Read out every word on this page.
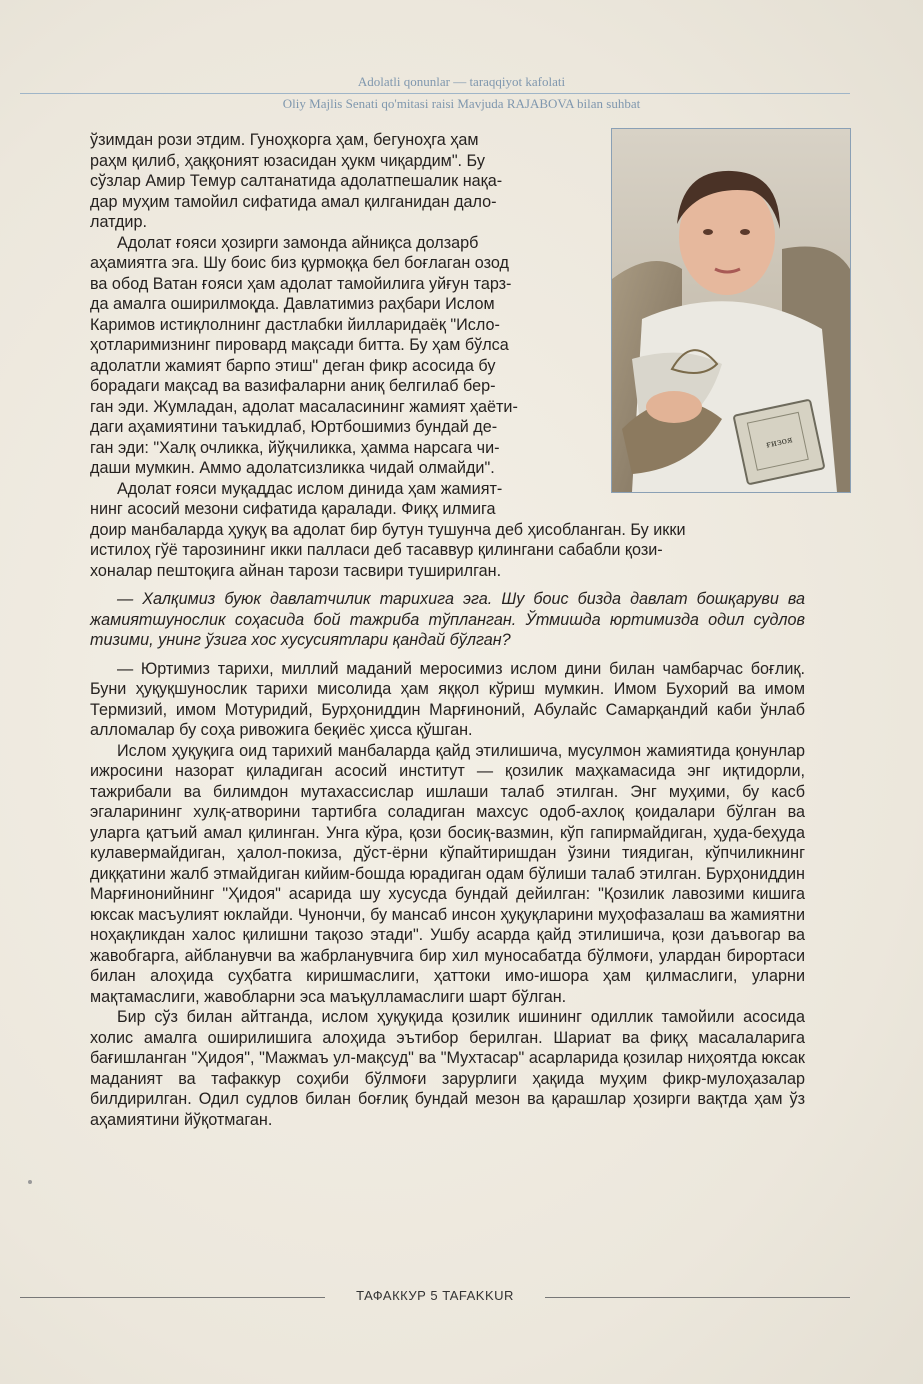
Adolatli qonunlar — taraqqiyot kafolati
Oliy Majlis Senati qo'mitasi raisi Mavjuda RAJABOVA bilan suhbat
ғизоя

ўзимдан рози этдим. Гуноҳкорга ҳам, бегуноҳга ҳам
раҳм қилиб, ҳаққоният юзасидан ҳукм чиқардим". Бу
сўзлар Амир Темур салтанатида адолатпешалик нақа-
дар муҳим тамойил сифатида амал қилганидан дало-
латдир.

Адолат ғояси ҳозирги замонда айниқса долзарб
аҳамиятга эга. Шу боис биз қурмоққа бел боғлаган озод
ва обод Ватан ғояси ҳам адолат тамойилига уйғун тарз-
да амалга оширилмоқда. Давлатимиз раҳбари Ислом
Каримов истиқлолнинг дастлабки йилларидаёқ "Исло-
ҳотларимизнинг пировард мақсади битта. Бу ҳам бўлса
адолатли жамият барпо этиш" деган фикр асосида бу
борадаги мақсад ва вазифаларни аниқ белгилаб бер-
ган эди. Жумладан, адолат масаласининг жамият ҳаёти-
даги аҳамиятини таъкидлаб, Юртбошимиз бундай де-
ган эди: "Халқ очликка, йўқчиликка, ҳамма нарсага чи-
даши мумкин. Аммо адолатсизликка чидай олмайди".

Адолат ғояси муқаддас ислом динида ҳам жамият-
нинг асосий мезони сифатида қаралади. Фиқҳ илмига

доир манбаларда ҳуқуқ ва адолат бир бутун тушунча деб ҳисобланган. Бу икки
истилоҳ гўё тарозининг икки палласи деб тасаввур қилингани сабабли қози-
хоналар пештоқига айнан тарози тасвири туширилган.

— Халқимиз буюк давлатчилик тарихига эга. Шу боис бизда давлат бошқаруви ва жамиятшунослик соҳасида бой тажриба тўпланган. Ўтмишда юртимизда одил судлов тизими, унинг ўзига хос хусусиятлари қандай бўлган?

— Юртимиз тарихи, миллий маданий меросимиз ислом дини билан чамбарчас боғлиқ. Буни ҳуқуқшунослик тарихи мисолида ҳам яққол кўриш мумкин. Имом Бухорий ва имом Термизий, имом Мотуридий, Бурҳониддин Марғиноний, Абулайс Самарқандий каби ўнлаб алломалар бу соҳа ривожига беқиёс ҳисса қўшган.

Ислом ҳуқуқига оид тарихий манбаларда қайд этилишича, мусулмон жамиятида қонунлар ижросини назорат қиладиган асосий институт — қозилик маҳкамасида энг иқтидорли, тажрибали ва билимдон мутахассислар ишлаши талаб этилган. Энг муҳими, бу касб эгаларининг хулқ-атворини тартибга соладиган махсус одоб-ахлоқ қоидалари бўлган ва уларга қатъий амал қилинган. Унга кўра, қози босиқ-вазмин, кўп гапирмайдиган, ҳуда-беҳуда кулавермайдиган, ҳалол-покиза, дўст-ёрни кўпайтиришдан ўзини тиядиган, кўпчиликнинг диққатини жалб этмайдиган кийим-бошда юрадиган одам бўлиши талаб этилган. Бурҳониддин Марғинонийнинг "Ҳидоя" асарида шу хусусда бундай дейилган: "Қозилик лавозими кишига юксак масъулият юклайди. Чунончи, бу мансаб инсон ҳуқуқларини муҳофазалаш ва жамиятни ноҳақликдан халос қилишни тақозо этади". Ушбу асарда қайд этилишича, қози даъвогар ва жавобгарга, айбланувчи ва жабрланувчига бир хил муносабатда бўлмоғи, улардан бирортаси билан алоҳида суҳбатга киришмаслиги, ҳаттоки имо-ишора ҳам қилмаслиги, уларни мақтамаслиги, жавобларни эса маъқулламаслиги шарт бўлган.

Бир сўз билан айтганда, ислом ҳуқуқида қозилик ишининг одиллик тамойили асосида холис амалга оширилишига алоҳида эътибор берилган. Шариат ва фиқҳ масалаларига бағишланган "Ҳидоя", "Мажмаъ ул-мақсуд" ва "Мухтасар" асарларида қозилар ниҳоятда юксак маданият ва тафаккур соҳиби бўлмоғи зарурлиги ҳақида муҳим фикр-мулоҳазалар билдирилган. Одил судлов билан боғлиқ бундай мезон ва қарашлар ҳозирги вақтда ҳам ўз аҳамиятини йўқотмаган.

ТАФАККУР 5 TAFAKKUR
